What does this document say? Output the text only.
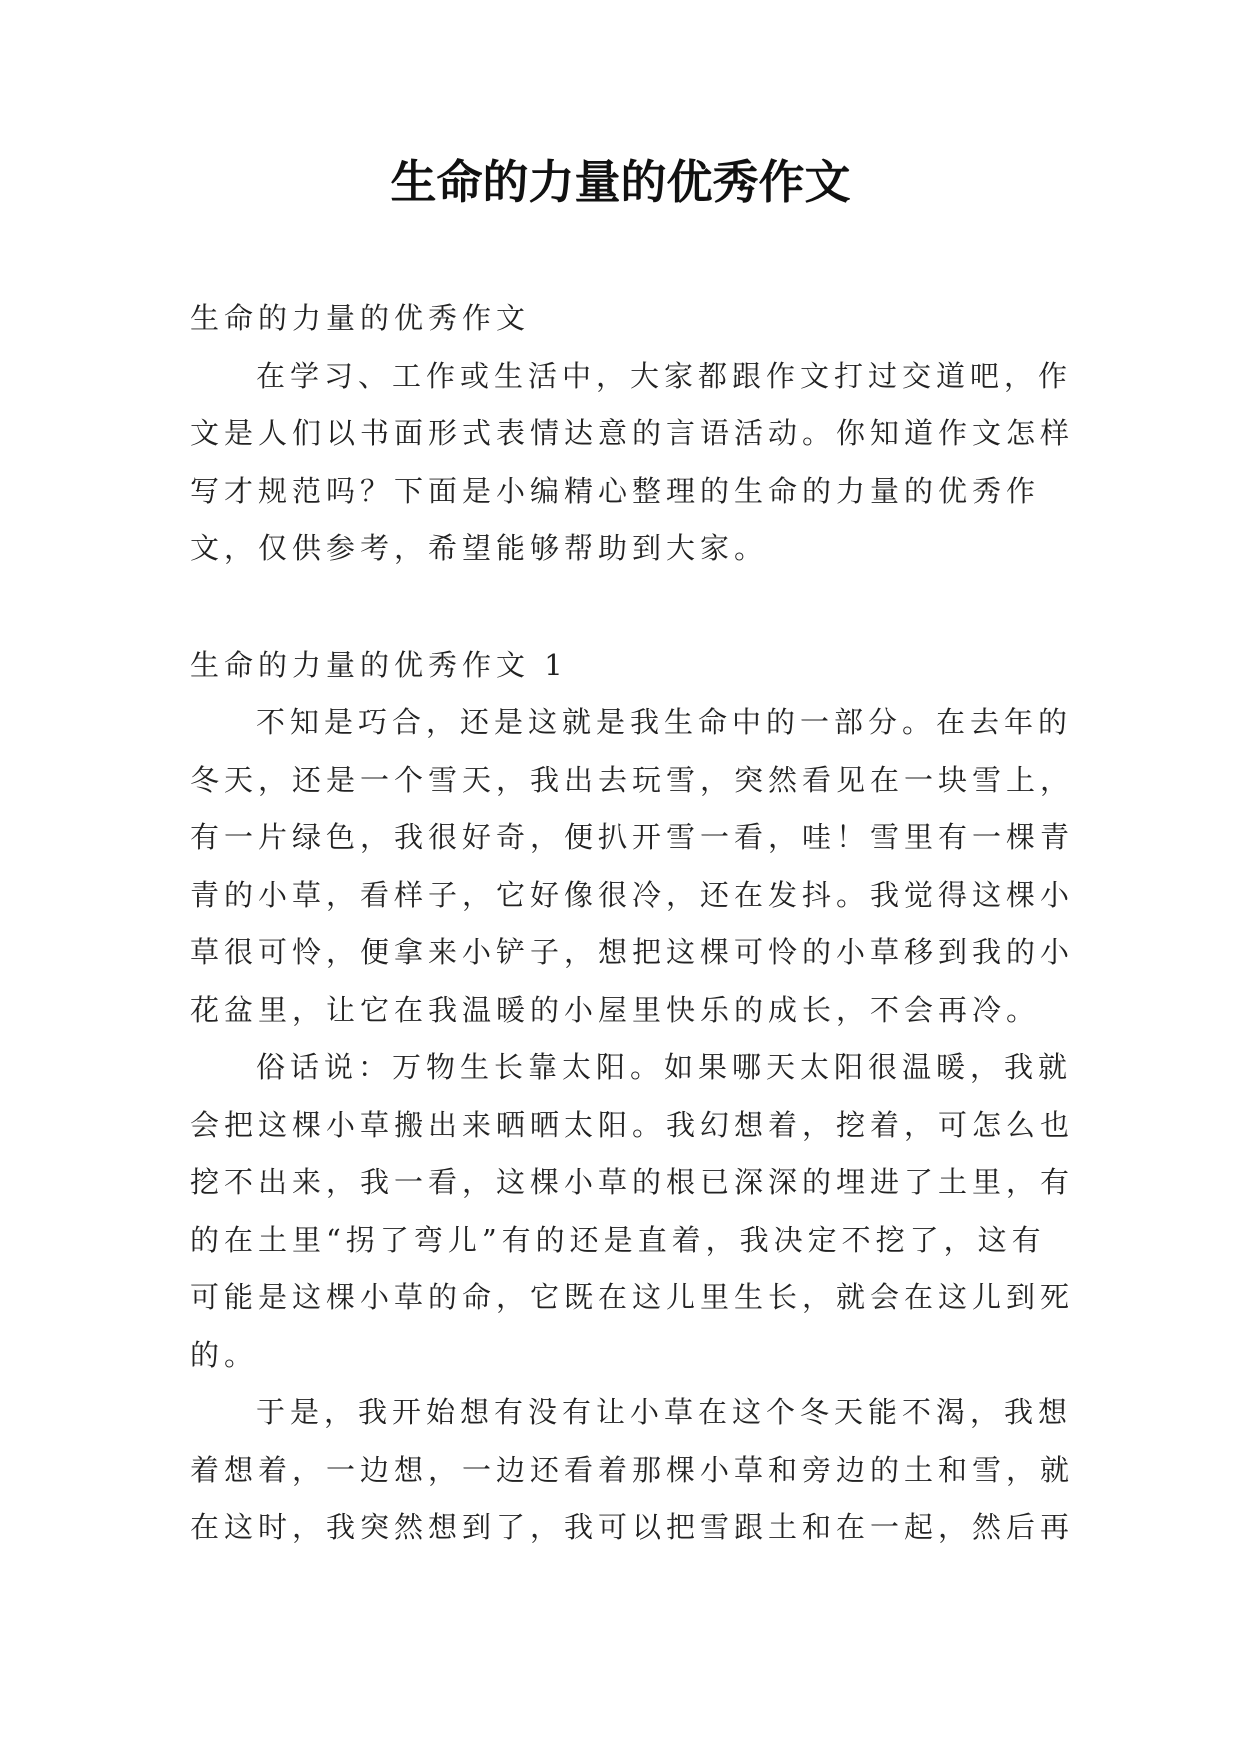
生命的力量的优秀作文

生命的力量的优秀作文

在学习、工作或生活中，大家都跟作文打过交道吧，作

文是人们以书面形式表情达意的言语活动。你知道作文怎样

写才规范吗？下面是小编精心整理的生命的力量的优秀作

文，仅供参考，希望能够帮助到大家。

生命的力量的优秀作文 1

不知是巧合，还是这就是我生命中的一部分。在去年的

冬天，还是一个雪天，我出去玩雪，突然看见在一块雪上，

有一片绿色，我很好奇，便扒开雪一看，哇！雪里有一棵青

青的小草，看样子，它好像很冷，还在发抖。我觉得这棵小

草很可怜，便拿来小铲子，想把这棵可怜的小草移到我的小

花盆里，让它在我温暖的小屋里快乐的成长，不会再冷。

俗话说：万物生长靠太阳。如果哪天太阳很温暖，我就

会把这棵小草搬出来晒晒太阳。我幻想着，挖着，可怎么也

挖不出来，我一看，这棵小草的根已深深的埋进了土里，有

的在土里“拐了弯儿”有的还是直着，我决定不挖了，这有

可能是这棵小草的命，它既在这儿里生长，就会在这儿到死

的。

于是，我开始想有没有让小草在这个冬天能不渴，我想

着想着，一边想，一边还看着那棵小草和旁边的土和雪，就

在这时，我突然想到了，我可以把雪跟土和在一起，然后再
